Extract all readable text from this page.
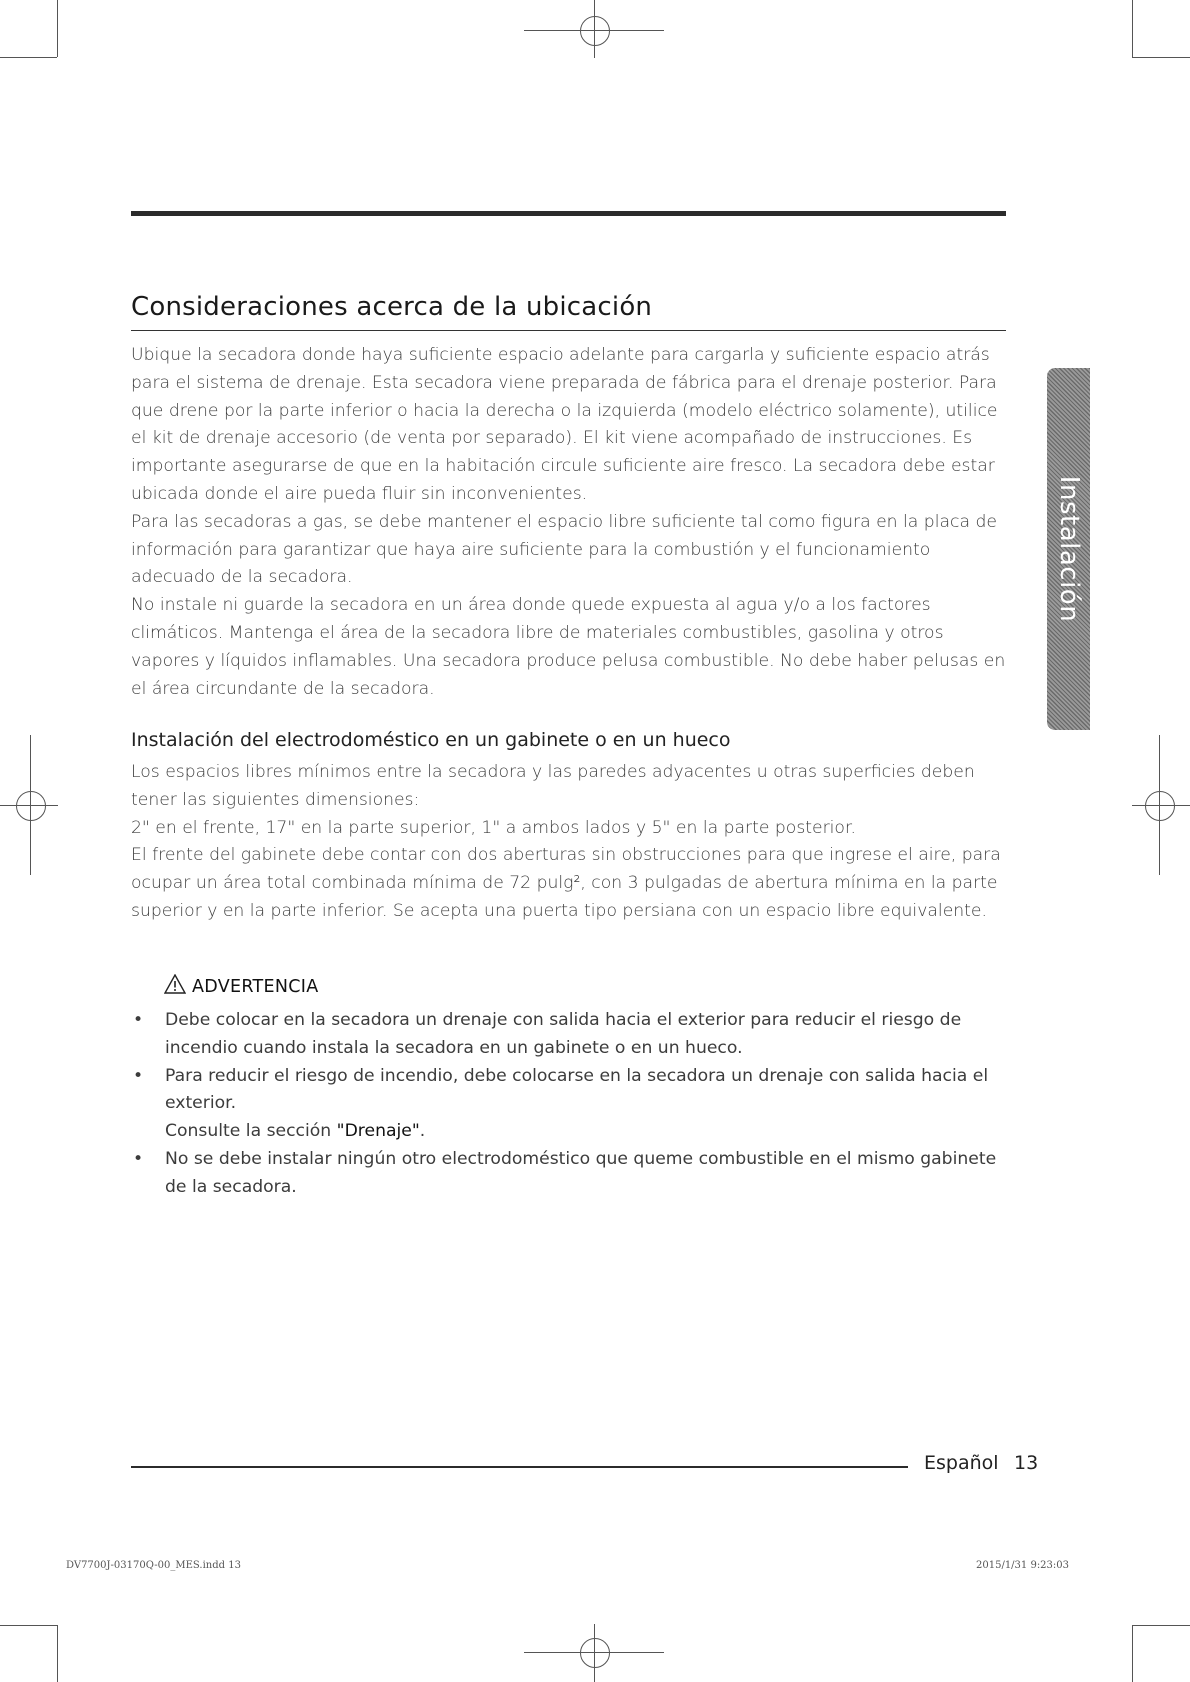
Consideraciones acerca de la ubicación

Ubique la secadora donde haya suficiente espacio adelante para cargarla y suficiente espacio atrás para el sistema de drenaje. Esta secadora viene preparada de fábrica para el drenaje posterior. Para que drene por la parte inferior o hacia la derecha o la izquierda (modelo eléctrico solamente), utilice el kit de drenaje accesorio (de venta por separado). El kit viene acompañado de instrucciones. Es importante asegurarse de que en la habitación circule suficiente aire fresco. La secadora debe estar ubicada donde el aire pueda fluir sin inconvenientes.

Para las secadoras a gas, se debe mantener el espacio libre suficiente tal como figura en la placa de información para garantizar que haya aire suficiente para la combustión y el funcionamiento adecuado de la secadora.

No instale ni guarde la secadora en un área donde quede expuesta al agua y/o a los factores climáticos. Mantenga el área de la secadora libre de materiales combustibles, gasolina y otros vapores y líquidos inflamables. Una secadora produce pelusa combustible. No debe haber pelusas en el área circundante de la secadora.

Instalación del electrodoméstico en un gabinete o en un hueco

Los espacios libres mínimos entre la secadora y las paredes adyacentes u otras superficies deben tener las siguientes dimensiones:

2" en el frente, 17" en la parte superior, 1" a ambos lados y 5" en la parte posterior.

El frente del gabinete debe contar con dos aberturas sin obstrucciones para que ingrese el aire, para ocupar un área total combinada mínima de 72 pulg², con 3 pulgadas de abertura mínima en la parte superior y en la parte inferior. Se acepta una puerta tipo persiana con un espacio libre equivalente.

ADVERTENCIA
• Debe colocar en la secadora un drenaje con salida hacia el exterior para reducir el riesgo de incendio cuando instala la secadora en un gabinete o en un hueco.
• Para reducir el riesgo de incendio, debe colocarse en la secadora un drenaje con salida hacia el exterior.
Consulte la sección "Drenaje".
• No se debe instalar ningún otro electrodoméstico que queme combustible en el mismo gabinete de la secadora.
Instalación
Español 13
DV7700J-03170Q-00_MES.indd 13	2015/1/31 9:23:03
